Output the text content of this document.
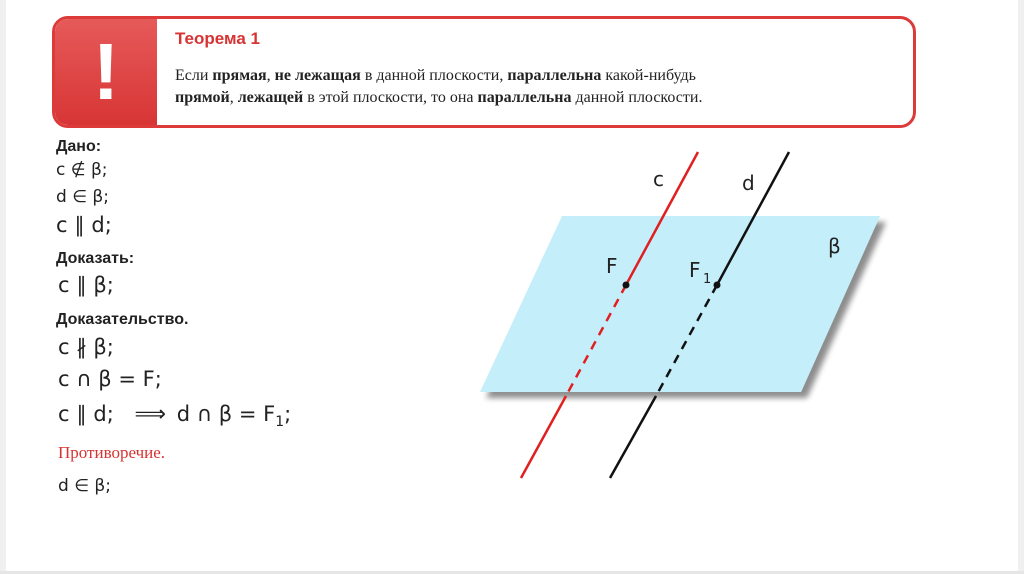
!	Теорема 1
Если прямая, не лежащая в данной плоскости, параллельна какой-нибудь
прямой, лежащей в этой плоскости, то она параллельна данной плоскости.
Дано:
c ∉ β;
d ∈ β;
c ∥ d;
Доказать:
c ∥ β;
Доказательство.
c ∦ β;
c ∩ β = F;
c ∥ d; ⟹ d ∩ $\beta = F_1$;
Противоречие.
d ∈ β;
c	d
β
F	F 1
